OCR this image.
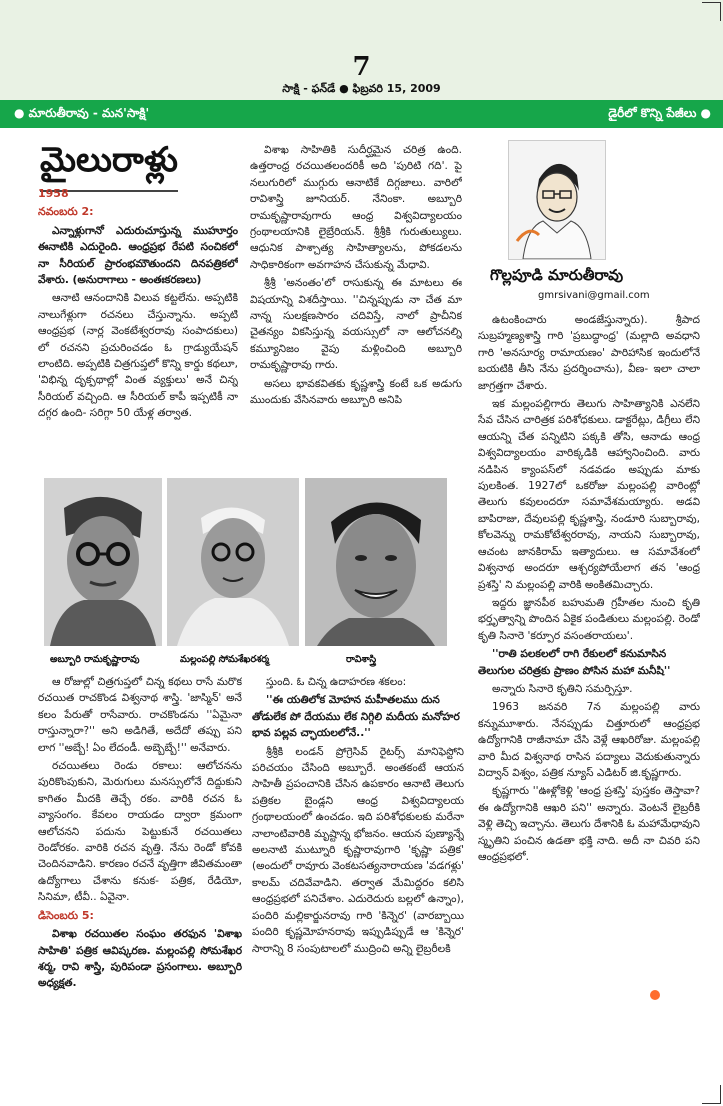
7
సాక్షి - ఫన్‌డే ● ఫిబ్రవరి 15, 2009
● మారుతీరావు - మన'సాక్షి'	డైరీలో కొన్ని పేజీలు ●
మైలురాళ్లు
1958
నవంబరు 2:

ఎన్నాళ్లుగానో ఎదురుచూస్తున్న ముహూర్తం ఈనాటికి ఎదురైంది. ఆంధ్రప్రభ రేపటి సంచికలో నా సీరియల్ ప్రారంభమౌతుందని దినపత్రికలో వేశారు. (అనురాగాలు - అంతఃకరణలు)

ఆనాటి ఆనందానికి విలువ కట్టలేను. అప్పటికి నాలుగేళ్లుగా రచనలు చేస్తున్నాను. అప్పటి ఆంధ్రప్రభ (నార్ల వెంకటేశ్వరరావు సంపాదకులు) లో రచనని ప్రచురించడం ఓ గ్రాడ్యుయేషన్ లాంటిది. అప్పటికి చిత్రగుప్తలో కొన్ని కార్డు కథలూ, 'విభిన్న దృక్పథాల్లో వింత వ్యక్తులు' అనే చిన్న సీరియల్ వచ్చింది. ఆ సీరియల్ కాపీ ఇప్పటికీ నా దగ్గర ఉంది- సరిగ్గా 50 యేళ్ల తర్వాత.

విశాఖ సాహితికి సుదీర్ఘమైన చరిత్ర ఉంది. ఉత్తరాంధ్ర రచయితలందరికీ అది 'పురిటి గది'. పై నలుగురిలో ముగ్గురు ఆనాటికే దిగ్గజాలు. వారిలో రావిశాస్త్రి జూనియర్. నేనింకా. అబ్బూరి రామకృష్ణారావుగారు ఆంధ్ర విశ్వవిద్యాలయం గ్రంథాలయానికి లైబ్రేరియన్. శ్రీశ్రీకి గురుతుల్యులు. ఆధునిక పాశ్చాత్య సాహిత్యాలను, పోకడలను సాధికారికంగా అవగాహన చేసుకున్న మేధావి.

శ్రీశ్రీ 'అనంతం'లో రాసుకున్న ఈ మాటలు ఈ విషయాన్ని విశదీస్తాయి. ''చిన్నప్పుడు నా చేత మా నాన్న సులక్షణసారం చదివిస్తే, నాలో ప్రాచీనిక చైతన్యం వికసిస్తున్న వయస్సులో నా ఆలోచనల్ని కమ్యూనిజం వైపు మళ్లించింది అబ్బూరి రామకృష్ణారావు గారు.

అసలు భావకవితకు కృష్ణశాస్త్రి కంటే ఒక అడుగు ముందుకు వేసినవారు అబ్బూరి అనిపి

గొల్లపూడి మారుతీరావు
gmrsivani@gmail.com

ఉటంకించారు అండజేస్తున్నారు). శ్రీపాద సుబ్రహ్మణ్యశాస్త్రి గారి 'ప్రబుద్ధాంధ్ర' (మల్లాది అవధాని గారి 'అనసూర్య రామాయణం' పారిహాసిక ఇందులోనే బయటికి తీసి నేను ప్రదర్శించాను), వీణ- ఇలా చాలా జాగ్రత్తగా చేశారు.

ఇక మల్లంపల్లిగారు తెలుగు సాహిత్యానికి ఎనలేని సేవ చేసిన చారిత్రక పరిశోధకులు. డాక్టరేట్లు, డిగ్రీలు లేని ఆయన్ని చేత పన్నిటిని పక్కకి తోసి, ఆనాడు ఆంధ్ర విశ్వవిద్యాలయం వారిక్కడికి ఆహ్వానించింది. వారు నడిపిన క్యాంపస్‌లో నడవడం అప్పుడు మాకు పులకింత. 1927లో ఒకరోజు మల్లంపల్లి వారింట్లో తెలుగు కవులందరూ సమావేశమయ్యారు. అడవి బాపిరాజు, దేవులపల్లి కృష్ణశాస్త్రి, నండూరి సుబ్బారావు, కోలవెన్ను రామకోటేశ్వరరావు, నాయని సుబ్బారావు, ఆచంట జానకిరామ్ ఇత్యాదులు. ఆ సమావేశంలో విశ్వనాథ అందరూ ఆశ్చర్యపోయేలాగ తన 'ఆంధ్ర ప్రశస్తి' ని మల్లంపల్లి వారికి అంకితమిచ్చారు.

ఇద్దరు జ్ఞానపీఠ బహుమతి గ్రహీతల నుంచి కృతి భర్తృత్వాన్ని పొందిన ఏకైక పండితులు మల్లంపల్లి. రెండో కృతి సినారె 'కర్పూర వసంతరాయలు'.

''రాతి పలకలలో రాగి రేకులలో కనుమాసిన తెలుగుల చరిత్రకు ప్రాణం పోసిన మహా మనీషి''

అన్నారు సినారె కృతిని సమర్పిస్తూ.

1963 జనవరి 7న మల్లంపల్లి వారు కన్నుమూశారు. నేనప్పుడు చిత్తూరులో ఆంధ్రప్రభ ఉద్యోగానికి రాజీనామా చేసి వెళ్లే ఆఖరిరోజు. మల్లంపల్లి వారి మీద విశ్వనాథ రాసిన పద్యాలు వెదుకుతున్నారు విద్వాన్ విశ్వం, పత్రిక న్యూస్ ఎడిటర్ జి.కృష్ణగారు.

కృష్ణగారు ''ఊళ్లోకెళ్లి 'ఆంధ్ర ప్రశస్తి' పుస్తకం తెస్తావా? ఈ ఉద్యోగానికి ఆఖరి పని'' అన్నారు. వెంటనే లైబ్రరీకి వెళ్లి తెచ్చి ఇచ్చాను. తెలుగు దేశానికి ఓ మహామేధావుని స్మృతిని పంచిన ఉడతా భక్తి నాది. అదీ నా చివరి పని ఆంధ్రప్రభలో.

అబ్బూరి రామకృష్ణారావు	మల్లంపల్లి సోమశేఖరశర్మ	రావిశాస్త్రి

ఆ రోజుల్లో చిత్రగుప్తలో చిన్న కథలు రాసే మరొక రచయిత రాచకొండ విశ్వనాథ శాస్త్రి. 'జాస్మిన్' అనే కలం పేరుతో రాసేవారు. రాచకొండను ''ఏమైనా రాస్తున్నారా?'' అని అడిగితే, అదేదో తప్పు పని లాగ ''అబ్బే! ఏం లేదండీ. అబ్బెబ్బే!'' అనేవారు.

రచయితలు రెండు రకాలు: ఆలోచనను పురికొంపుకుని, మెరుగులు మనస్సులోనే దిద్దుకుని కాగితం మీదకి తెచ్చే రకం. వారికి రచన ఓ వ్యాసంగం. కేవలం రాయడం ద్వారా క్రమంగా ఆలోచనని పదును పెట్టుకునే రచయితలు రెండోరకం. వారికి రచన వృత్తి. నేను రెండో కోవకి చెందినవాడిని. కారణం రచనే వృత్తిగా జీవితమంతా ఉద్యోగాలు చేశాను కనుక- పత్రిక, రేడియో, సినిమా, టీవీ.. ఏవైనా.

డిసెంబరు 5:

విశాఖ రచయితల సంఘం తరఫున 'విశాఖ సాహితి' పత్రిక ఆవిష్కరణ. మల్లంపల్లి సోమశేఖర శర్మ, రావి శాస్త్రి, పురిపండా ప్రసంగాలు. అబ్బూరి అధ్యక్షత.

స్తుంది. ఓ చిన్న ఉదాహరణ శకలం:

''ఈ యతిలోక మోహన మహీతలము దున తోడులేక పో దేయము లేక నిగ్గిలి మదీయ మనోహర భావ పల్లవ చ్ఛాయలలోనే..''

శ్రీశ్రీకి లండన్ ప్రోగ్రెసివ్ రైటర్స్ మానిఫెస్టోని పరిచయం చేసింది అబ్బూరే. అంతకంటే ఆయన సాహితీ ప్రపంచానికి చేసిన ఉపకారం ఆనాటి తెలుగు పత్రికల బైండ్లని ఆంధ్ర విశ్వవిద్యాలయ గ్రంథాలయంలో ఉంచడం. ఇది పరిశోధకులకు మరేనా నాలాంటివారికి మృష్టాన్న భోజనం. ఆయన పుణ్యాన్నే అలనాటి ముట్నూరి కృష్ణారావుగారి 'కృష్ణా పత్రిక' (అందులో రావూరు వెంకటసత్యనారాయణ 'వడగళ్లు' కాలమ్ చదివేవాడిని. తర్వాత మేమిద్దరం కలిసి ఆంధ్రప్రభలో పనిచేశాం. ఎదురెదురు బల్లలో ఉన్నాం), పందిరి మల్లికార్జునరావు గారి 'కిన్నెర' (వారబ్బాయి పందిరి కృష్ణమోహనరావు ఇప్పుడిప్పుడే ఆ 'కిన్నెర' సారాన్ని 8 సంపుటాలలో ముద్రించి అన్ని లైబ్రరీలకి
